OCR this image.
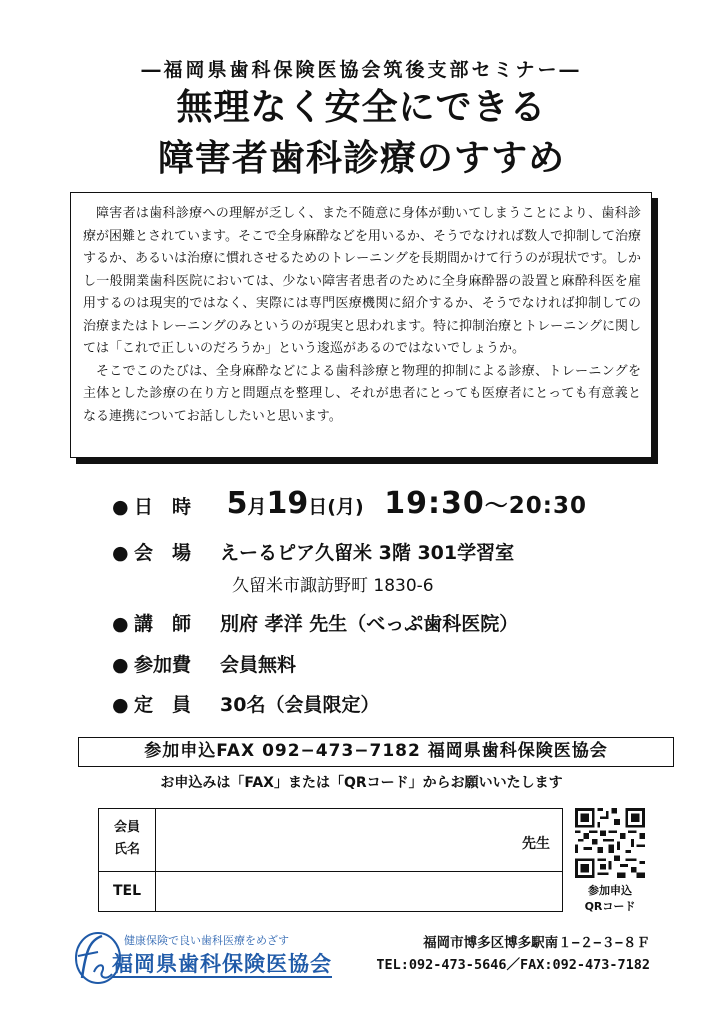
―福岡県歯科保険医協会筑後支部セミナー―
無理なく安全にできる
障害者歯科診療のすすめ

障害者は歯科診療への理解が乏しく、また不随意に身体が動いてしまうことにより、歯科診療が困難とされています。そこで全身麻酔などを用いるか、そうでなければ数人で抑制して治療するか、あるいは治療に慣れさせるためのトレーニングを長期間かけて行うのが現状です。しかし一般開業歯科医院においては、少ない障害者患者のために全身麻酔器の設置と麻酔科医を雇用するのは現実的ではなく、実際には専門医療機関に紹介するか、そうでなければ抑制しての治療またはトレーニングのみというのが現実と思われます。特に抑制治療とトレーニングに関しては「これで正しいのだろうか」という逡巡があるのではないでしょうか。

そこでこのたびは、全身麻酔などによる歯科診療と物理的抑制による診療、トレーニングを主体とした診療の在り方と問題点を整理し、それが患者にとっても医療者にとっても有意義となる連携についてお話ししたいと思います。

● 日　時 5月19日(月) 19:30～20:30
● 会　場 えーるピア久留米 3階 301学習室
久留米市諏訪野町 1830-6
● 講　師 別府 孝洋 先生（べっぷ歯科医院）
● 参加費 会員無料
● 定　員 30名（会員限定）
参加申込FAX 092−473−7182 福岡県歯科保険医協会
お申込みは「FAX」または「QRコード」からお願いいたします
会員
氏名	先生
TEL	参加申込
QRコード
健康保険で良い歯科医療をめざす
福岡県歯科保険医協会
福岡市博多区博多駅南１−２−３−８Ｆ
TEL:092-473-5646／FAX:092-473-7182
